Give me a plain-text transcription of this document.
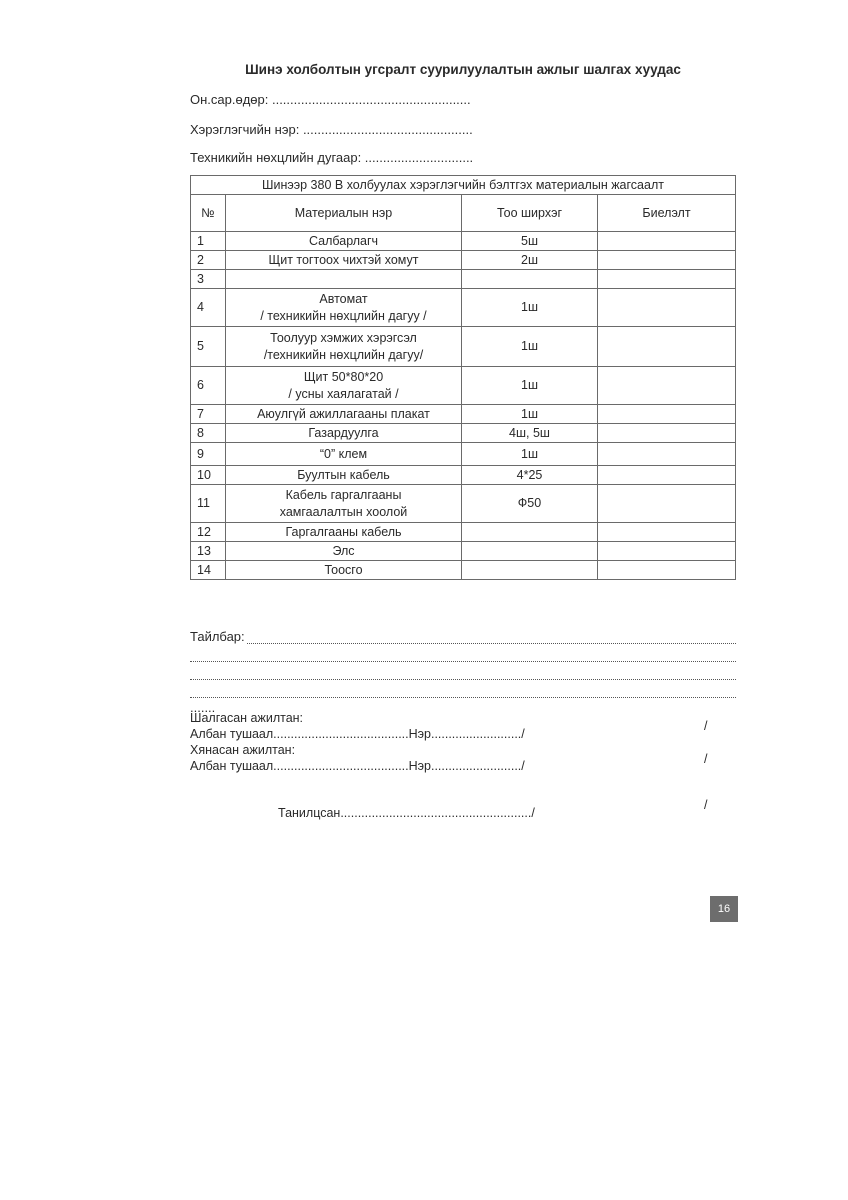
Шинэ холболтын угсралт суурилуулалтын ажлыг шалгах хуудас
Он.сар.өдөр: .......................................................
Хэрэглэгчийн нэр: ...............................................
Техникийн нөхцлийн дугаар: ..............................
Шинээр 380 В холбуулах хэрэглэгчийн бэлтгэх материалын жагсаалт			
№	Материалын нэр	Тоо ширхэг	Биелэлт
1	Салбарлагч	5ш	
2	Щит тогтоох чихтэй хомут	2ш	
3			
4	Автомат
/ техникийн нөхцлийн дагуу /	1ш	
5	Тоолуур хэмжих хэрэгсэл
/техникийн нөхцлийн дагуу/	1ш	
6	Щит 50*80*20
/ усны хаялагатай /	1ш	
7	Аюулгүй ажиллагааны плакат	1ш	
8	Газардуулга	4ш, 5ш	
9	“0” клем	1ш	
10	Буултын кабель	4*25	
11	Кабель гаргалгааны
хамгаалалтын хоолой	Ф50	
12	Гаргалгааны кабель		
13	Элс		
14	Тоосго		
Тайлбар:
.......
Шалгасан ажилтан:
Албан тушаал.......................................Нэр........................../
/
Хянасан ажилтан:
Албан тушаал.......................................Нэр........................../	/
Танилцсан......................................................./
/
16
